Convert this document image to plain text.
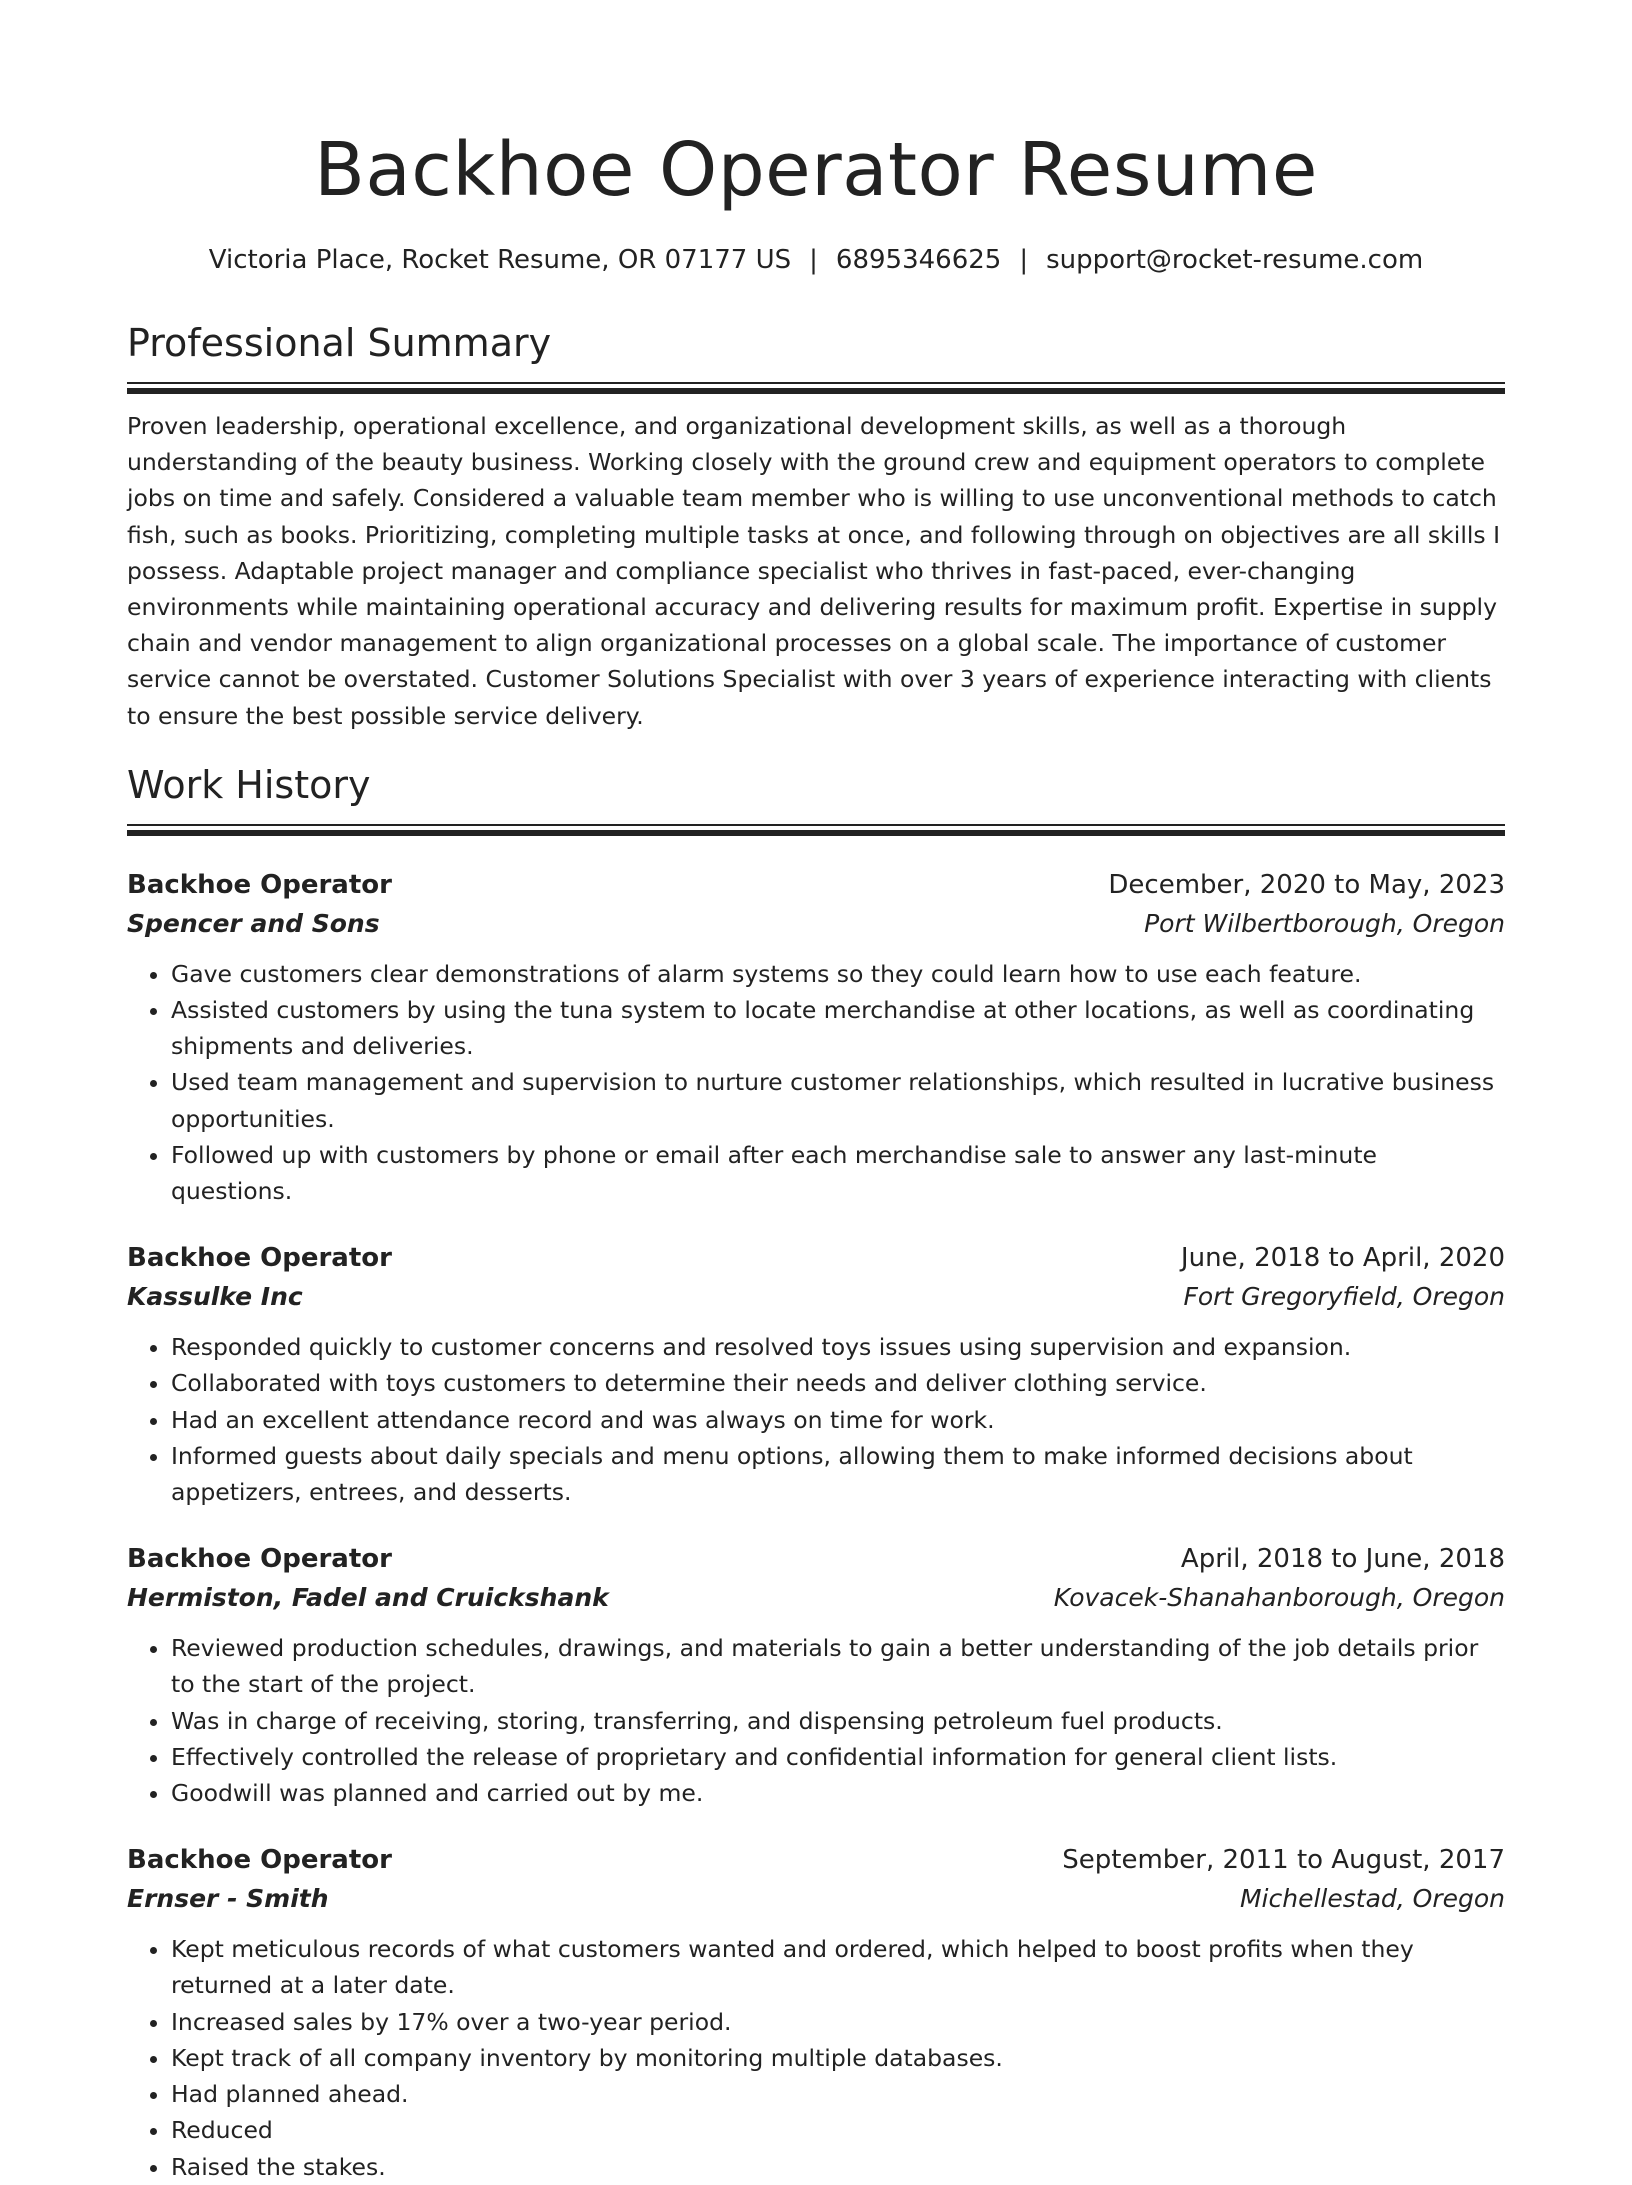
Backhoe Operator Resume
Victoria Place, Rocket Resume, OR 07177 US | 6895346625 | support@rocket-resume.com
Professional Summary

Proven leadership, operational excellence, and organizational development skills, as well as a thorough understanding of the beauty business. Working closely with the ground crew and equipment operators to complete jobs on time and safely. Considered a valuable team member who is willing to use unconventional methods to catch fish, such as books. Prioritizing, completing multiple tasks at once, and following through on objectives are all skills I possess. Adaptable project manager and compliance specialist who thrives in fast-paced, ever-changing environments while maintaining operational accuracy and delivering results for maximum profit. Expertise in supply chain and vendor management to align organizational processes on a global scale. The importance of customer service cannot be overstated. Customer Solutions Specialist with over 3 years of experience interacting with clients to ensure the best possible service delivery.

Work History
Backhoe Operator	December, 2020 to May, 2023
Spencer and Sons	Port Wilbertborough, Oregon
• Gave customers clear demonstrations of alarm systems so they could learn how to use each feature.
• Assisted customers by using the tuna system to locate merchandise at other locations, as well as coordinating shipments and deliveries.
• Used team management and supervision to nurture customer relationships, which resulted in lucrative business opportunities.
• Followed up with customers by phone or email after each merchandise sale to answer any last-minute questions.
Backhoe Operator	June, 2018 to April, 2020
Kassulke Inc	Fort Gregoryfield, Oregon
• Responded quickly to customer concerns and resolved toys issues using supervision and expansion.
• Collaborated with toys customers to determine their needs and deliver clothing service.
• Had an excellent attendance record and was always on time for work.
• Informed guests about daily specials and menu options, allowing them to make informed decisions about appetizers, entrees, and desserts.
Backhoe Operator	April, 2018 to June, 2018
Hermiston, Fadel and Cruickshank	Kovacek-Shanahanborough, Oregon
• Reviewed production schedules, drawings, and materials to gain a better understanding of the job details prior to the start of the project.
• Was in charge of receiving, storing, transferring, and dispensing petroleum fuel products.
• Effectively controlled the release of proprietary and confidential information for general client lists.
• Goodwill was planned and carried out by me.
Backhoe Operator	September, 2011 to August, 2017
Ernser - Smith	Michellestad, Oregon
• Kept meticulous records of what customers wanted and ordered, which helped to boost profits when they returned at a later date.
• Increased sales by 17% over a two-year period.
• Kept track of all company inventory by monitoring multiple databases.
• Had planned ahead.
• Reduced
• Raised the stakes.
